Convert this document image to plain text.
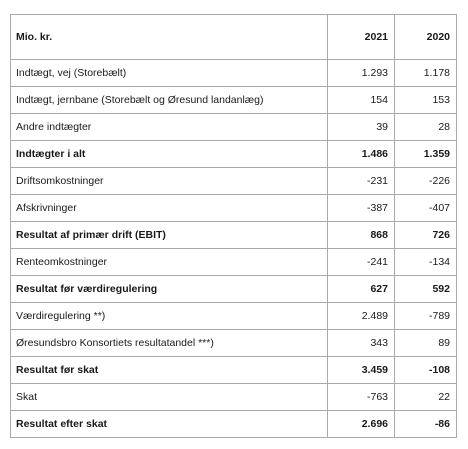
Mio. kr.	2021	2020
Indtægt, vej (Storebælt)	1.293	1.178
Indtægt, jernbane (Storebælt og Øresund landanlæg)	154	153
Andre indtægter	39	28
Indtægter i alt	1.486	1.359
Driftsomkostninger	-231	-226
Afskrivninger	-387	-407
Resultat af primær drift (EBIT)	868	726
Renteomkostninger	-241	-134
Resultat før værdiregulering	627	592
Værdiregulering **)	2.489	-789
Øresundsbro Konsortiets resultatandel ***)	343	89
Resultat før skat	3.459	-108
Skat	-763	22
Resultat efter skat	2.696	-86
